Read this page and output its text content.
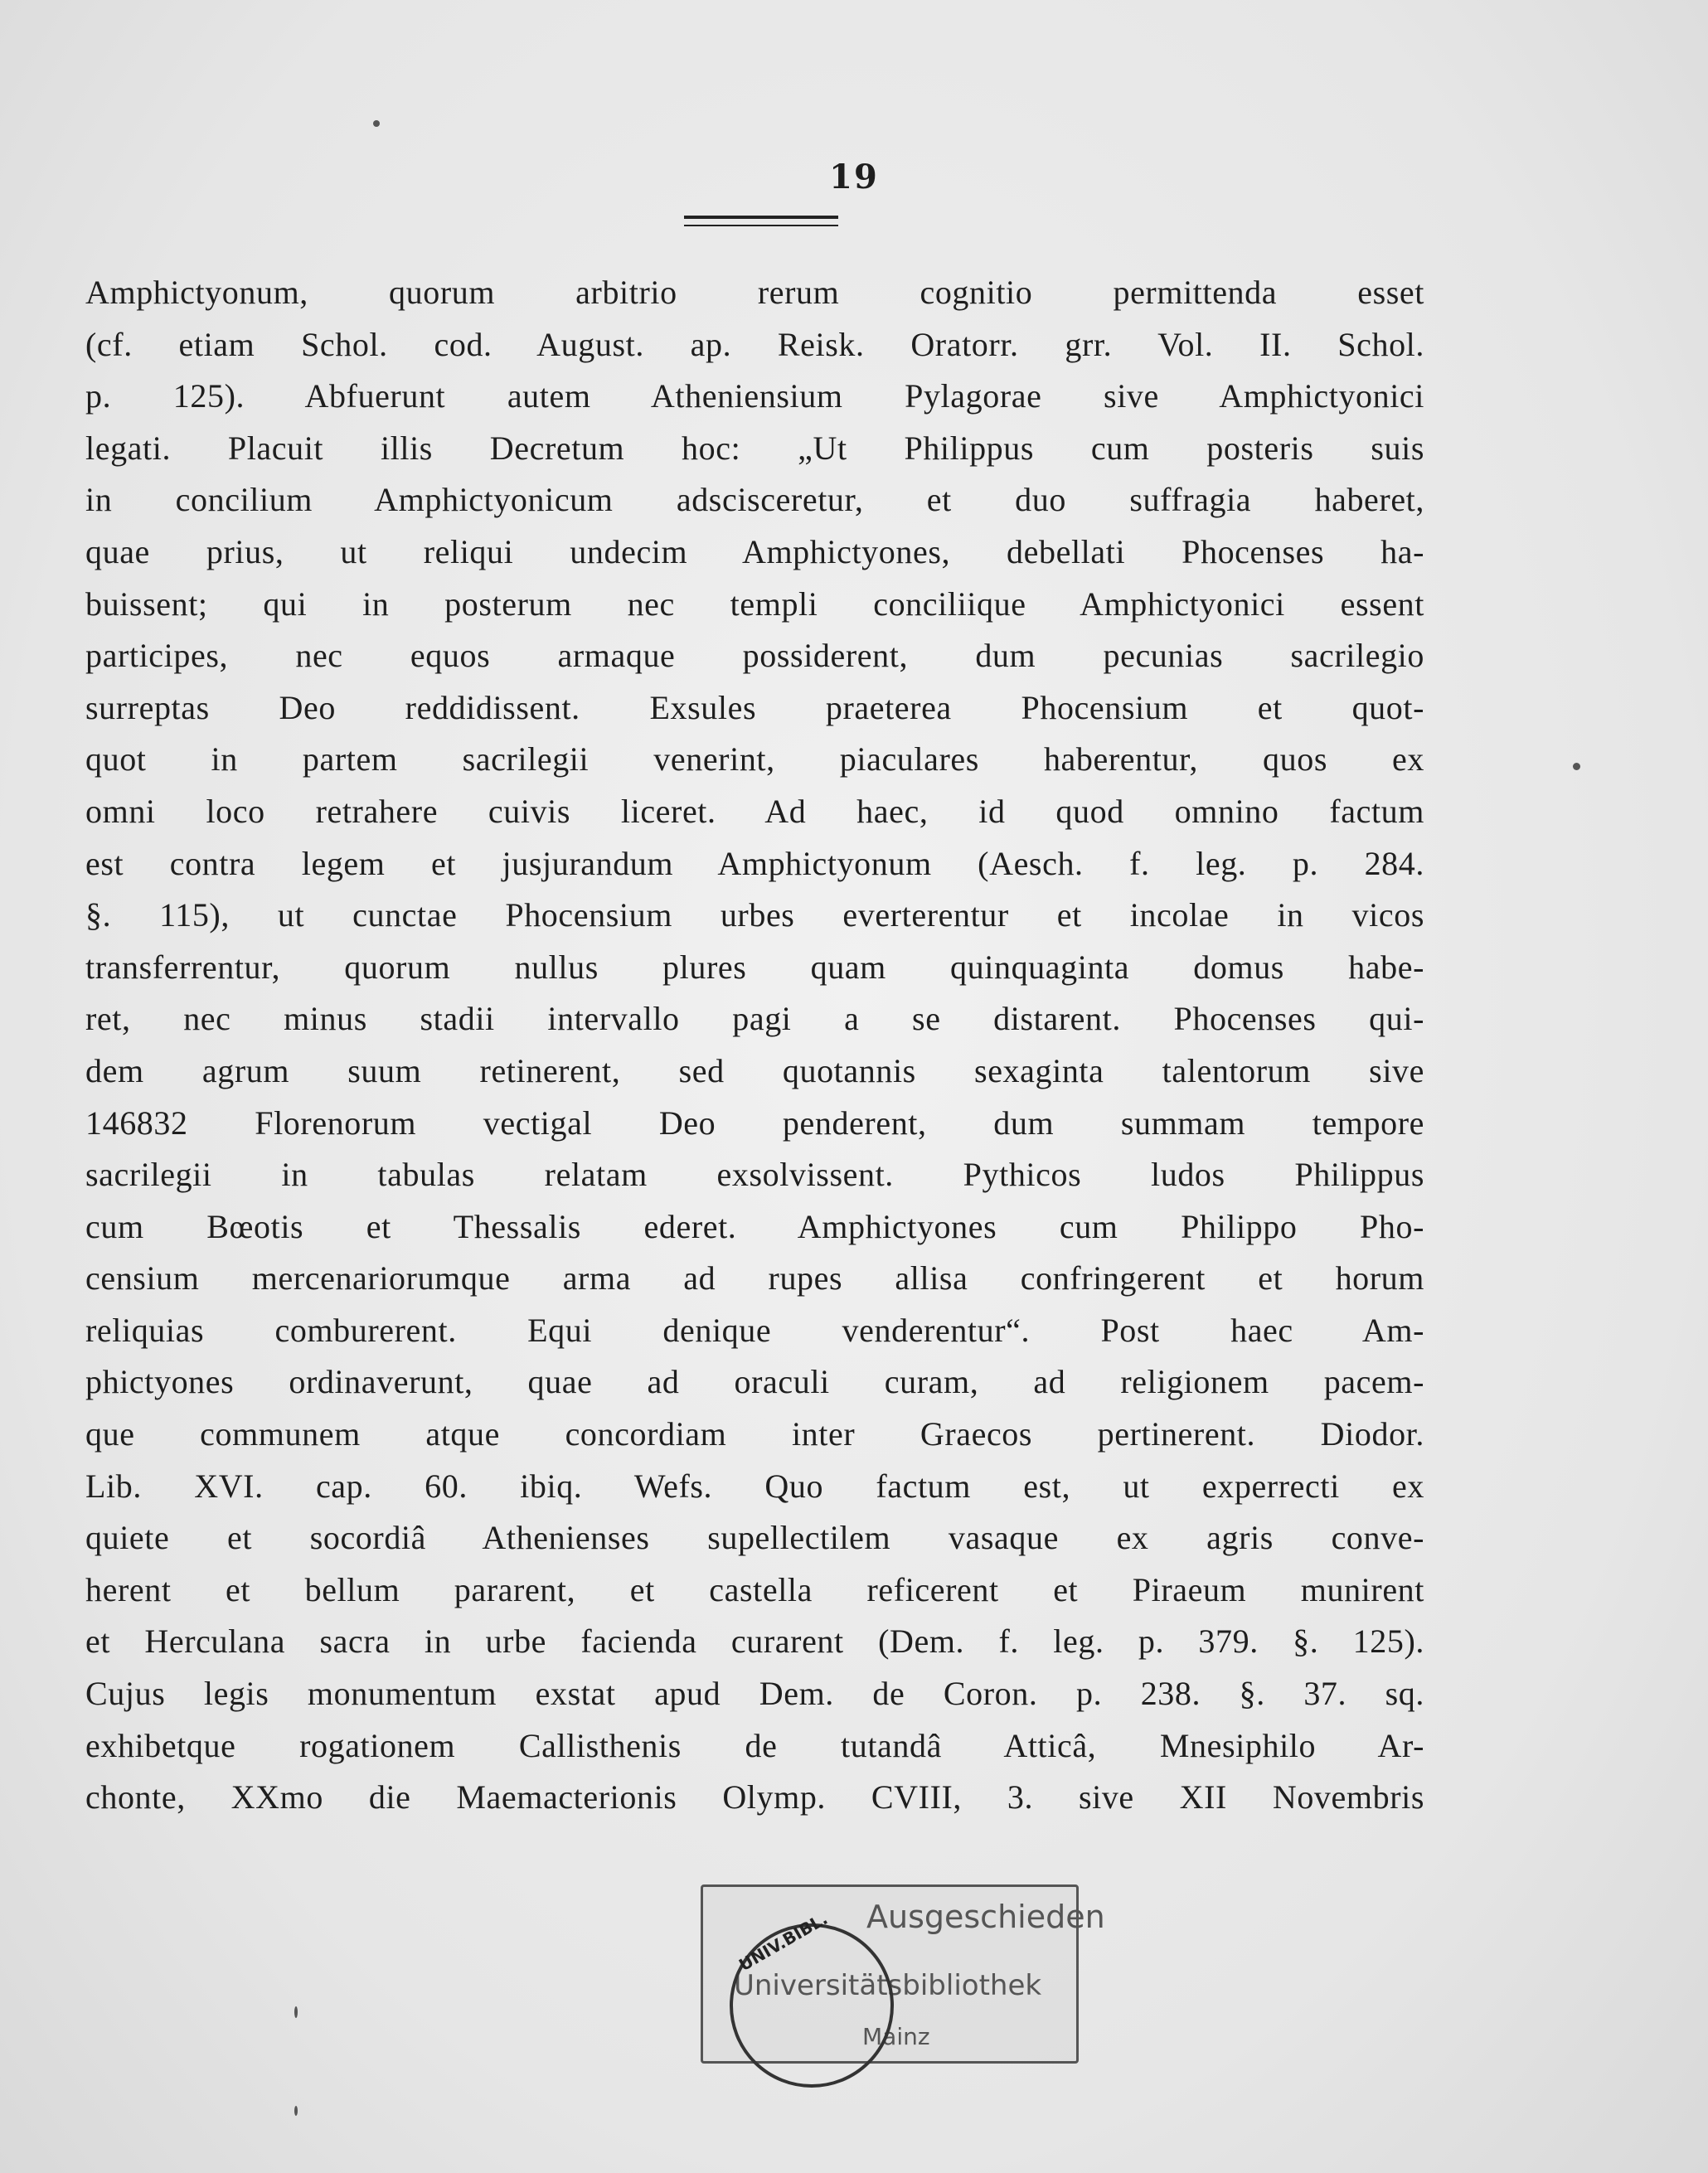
19
Amphictyonum, quorum arbitrio rerum cognitio permittenda esset
(cf. etiam Schol. cod. August. ap. Reisk. Oratorr. grr. Vol. II. Schol.
p. 125). Abfuerunt autem Atheniensium Pylagorae sive Amphictyonici
legati. Placuit illis Decretum hoc: „Ut Philippus cum posteris suis
in concilium Amphictyonicum adscisceretur, et duo suffragia haberet,
quae prius, ut reliqui undecim Amphictyones, debellati Phocenses ha-
buissent; qui in posterum nec templi conciliique Amphictyonici essent
participes, nec equos armaque possiderent, dum pecunias sacrilegio
surreptas Deo reddidissent. Exsules praeterea Phocensium et quot-
quot in partem sacrilegii venerint, piaculares haberentur, quos ex
omni loco retrahere cuivis liceret. Ad haec, id quod omnino factum
est contra legem et jusjurandum Amphictyonum (Aesch. f. leg. p. 284.
§. 115), ut cunctae Phocensium urbes everterentur et incolae in vicos
transferrentur, quorum nullus plures quam quinquaginta domus habe-
ret, nec minus stadii intervallo pagi a se distarent. Phocenses qui-
dem agrum suum retinerent, sed quotannis sexaginta talentorum sive
146832 Florenorum vectigal Deo penderent, dum summam tempore
sacrilegii in tabulas relatam exsolvissent. Pythicos ludos Philippus
cum Bœotis et Thessalis ederet. Amphictyones cum Philippo Pho-
censium mercenariorumque arma ad rupes allisa confringerent et horum
reliquias comburerent. Equi denique venderentur“. Post haec Am-
phictyones ordinaverunt, quae ad oraculi curam, ad religionem pacem-
que communem atque concordiam inter Graecos pertinerent. Diodor.
Lib. XVI. cap. 60. ibiq. Wefs. Quo factum est, ut experrecti ex
quiete et socordiâ Athenienses supellectilem vasaque ex agris conve-
herent et bellum pararent, et castella reficerent et Piraeum munirent
et Herculana sacra in urbe facienda curarent (Dem. f. leg. p. 379. §. 125).
Cujus legis monumentum exstat apud Dem. de Coron. p. 238. §. 37. sq.
exhibetque rogationem Callisthenis de tutandâ Atticâ, Mnesiphilo Ar-
chonte, XXmo die Maemacterionis Olymp. CVIII, 3. sive XII Novembris
Ausgeschieden
Universitätsbibliothek
Mainz
UNIV.BIBL.
